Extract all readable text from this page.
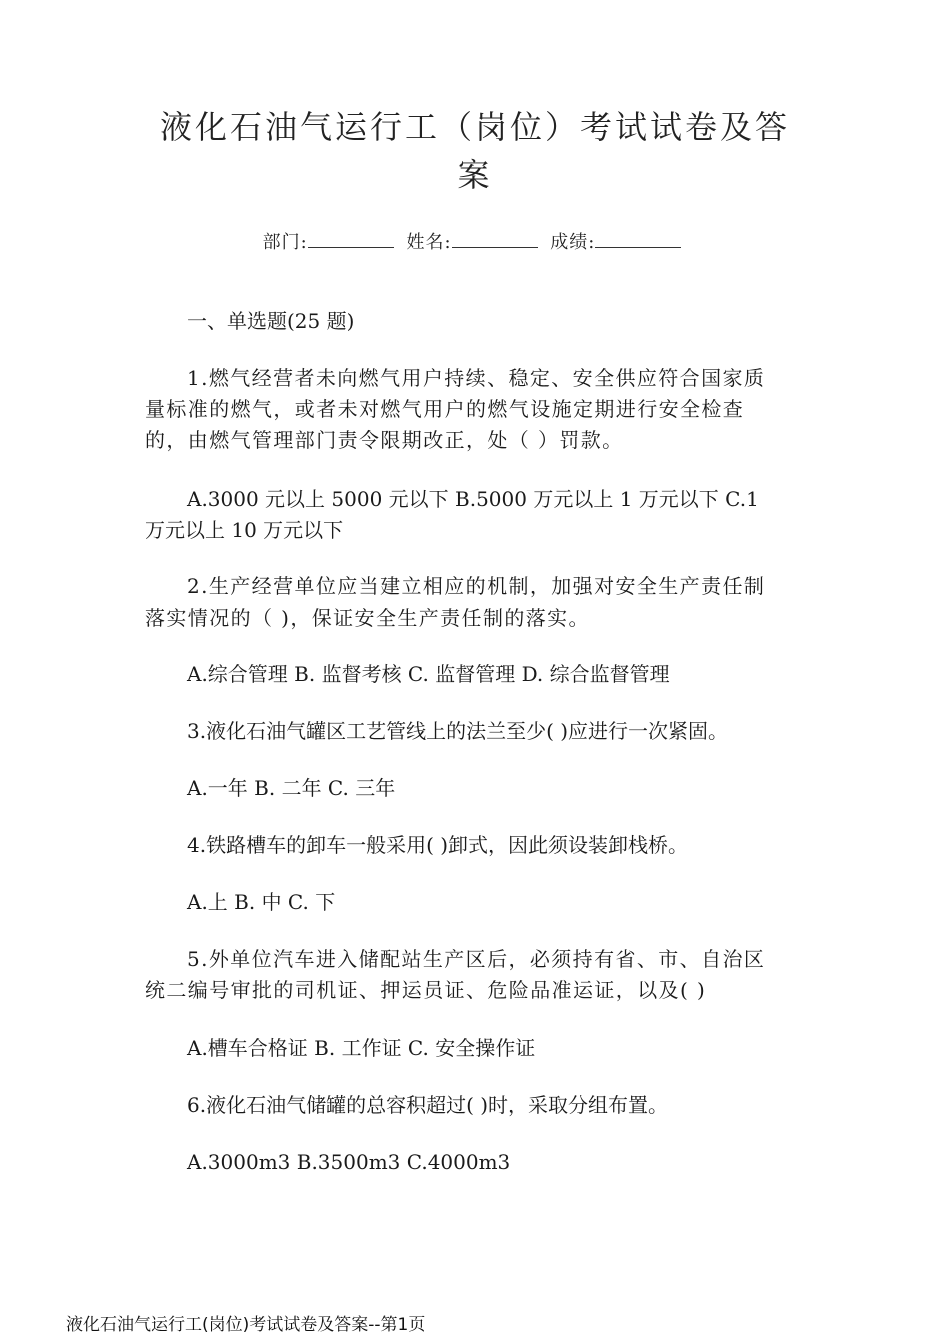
液化石油气运行工（岗位）考试试卷及答
案
部门:	姓名:	成绩:
一、单选题(25 题)
1.燃气经营者未向燃气用户持续、稳定、安全供应符合国家质
量标准的燃气，或者未对燃气用户的燃气设施定期进行安全检查
的，由燃气管理部门责令限期改正，处（ ）罚款。
A.3000 元以上 5000 元以下 B.5000 万元以上 1 万元以下 C.1
万元以上 10 万元以下
2.生产经营单位应当建立相应的机制，加强对安全生产责任制
落实情况的（ )，保证安全生产责任制的落实。
A.综合管理 B. 监督考核 C. 监督管理 D. 综合监督管理
3.液化石油气罐区工艺管线上的法兰至少( )应进行一次紧固。
A.一年 B. 二年 C. 三年
4.铁路槽车的卸车一般采用( )卸式，因此须设装卸栈桥。
A.上 B. 中 C. 下
5.外单位汽车进入储配站生产区后，必须持有省、市、自治区
统二编号审批的司机证、押运员证、危险品准运证，以及( )
A.槽车合格证 B. 工作证 C. 安全操作证
6.液化石油气储罐的总容积超过( )时，采取分组布置。
A.3000m3 B.3500m3 C.4000m3
液化石油气运行工(岗位)考试试卷及答案--第1页
